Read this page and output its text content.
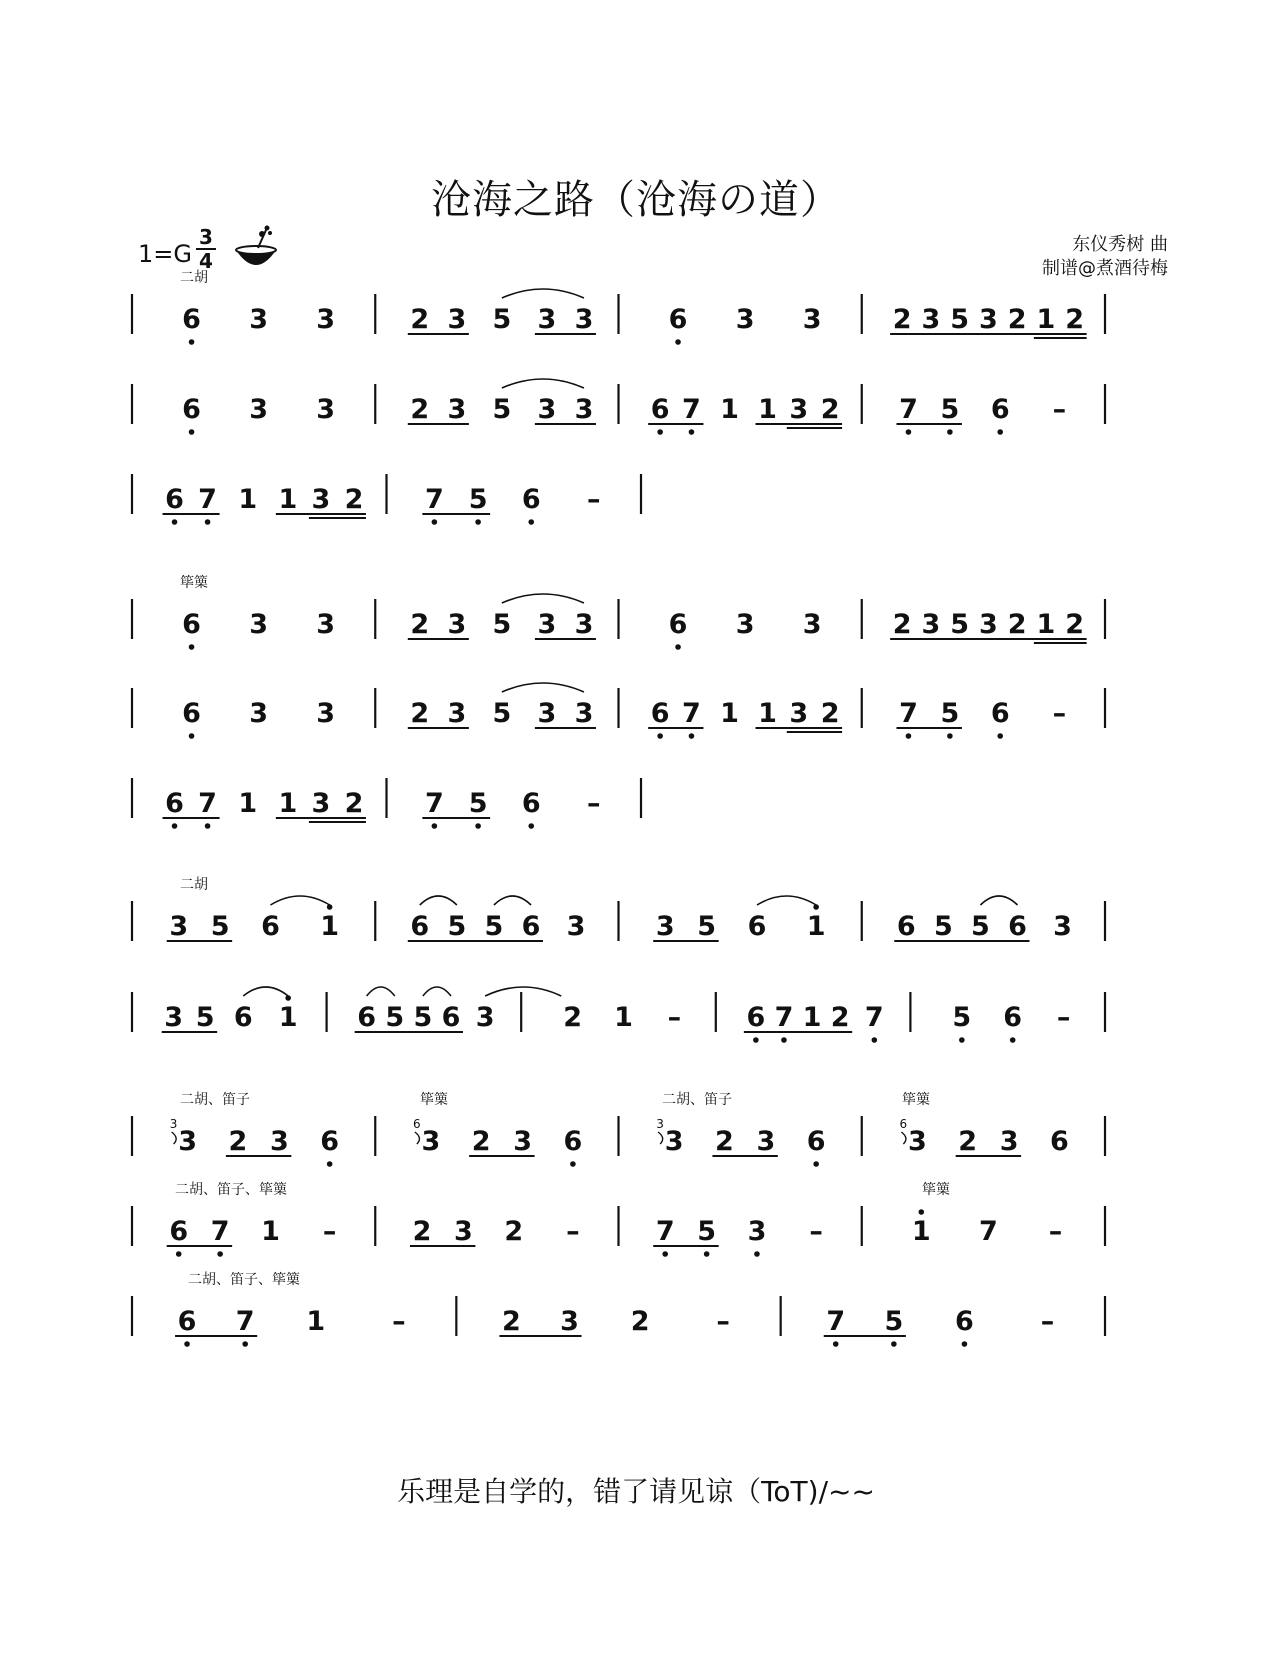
沧海之路（沧海の道）
$1=G \frac{3}{4}$	东仪秀树 曲
制谱@煮酒待梅
二胡
6 3 3	2 3 5 3 3	6 3 3	2 3 5 3 2 1 2
6 3 3	2 3 5 3 3 6 7 1 1 3 2 7 5 6 –
6 7 1 1 3 2 7 5 6 –
筚篥
6 3 3	2 3 5 3 3	6 3 3	2 3 5 3 2 1 2
6 3 3	2 3 5 3 3 6 7 1 1 3 2 7 5 6 –
6 7 1 1 3 2 7 5 6 –
二胡
3 5 6 1	6 5 5 6 3	3 5 6 1	6 5 5 6 3
3 5 6 1 6 5 5 6 3	2 1 – 6 7 1 2 7	5 6 –
二胡、笛子	筚篥	二胡、笛子	筚篥
3
3
2 3 6	3
6
2 3 6	3
3
2 3 6	3
6
2 3 6
二胡、笛子、筚篥	筚篥
6 7 1 –	2 3 2 –	7 5 3 –	1 7 –
二胡、笛子、筚篥
6 7 1 –	2 3 2 –	7 5 6 –
乐理是自学的，错了请见谅（ToT)/~~
